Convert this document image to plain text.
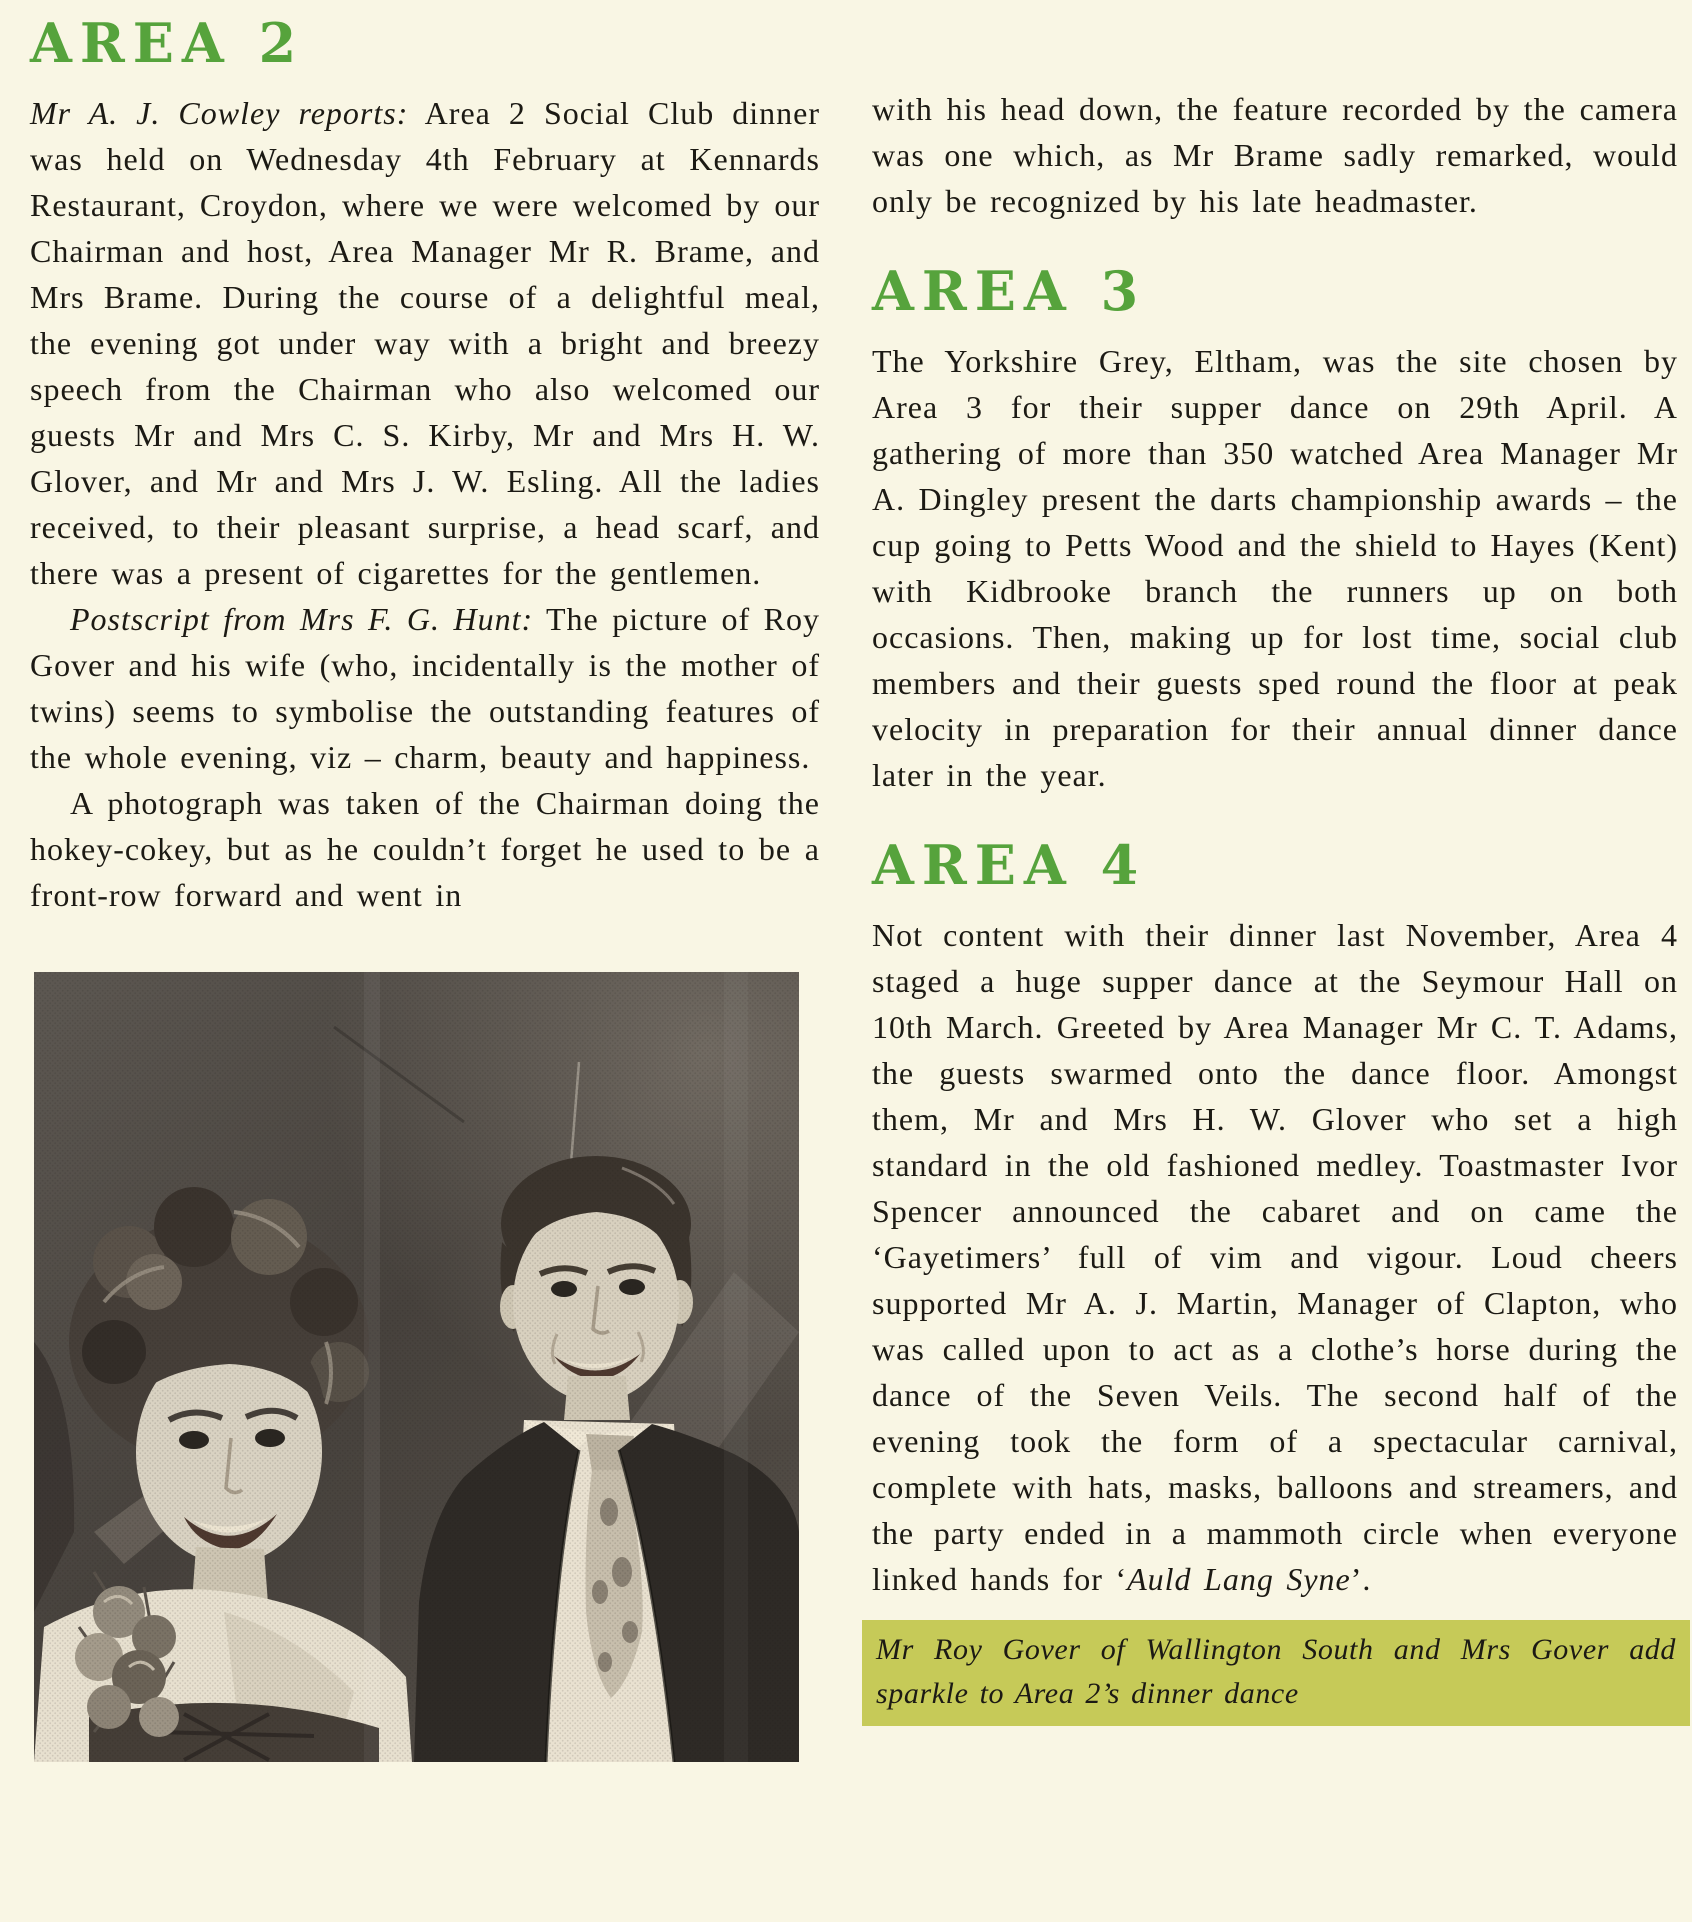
AREA 2

Mr A. J. Cowley reports: Area 2 Social Club dinner was held on Wednesday 4th February at Kennards Restaurant, Croydon, where we were welcomed by our Chairman and host, Area Manager Mr R. Brame, and Mrs Brame. During the course of a delightful meal, the evening got under way with a bright and breezy speech from the Chairman who also welcomed our guests Mr and Mrs C. S. Kirby, Mr and Mrs H. W. Glover, and Mr and Mrs J. W. Esling. All the ladies received, to their pleasant surprise, a head scarf, and there was a present of cigarettes for the gentlemen.

Postscript from Mrs F. G. Hunt: The picture of Roy Gover and his wife (who, incidentally is the mother of twins) seems to symbolise the outstanding features of the whole evening, viz – charm, beauty and happiness.

A photograph was taken of the Chairman doing the hokey-cokey, but as he couldn’t forget he used to be a front-row forward and went in

with his head down, the feature recorded by the camera was one which, as Mr Brame sadly remarked, would only be recognized by his late headmaster.

AREA 3

The Yorkshire Grey, Eltham, was the site chosen by Area 3 for their supper dance on 29th April. A gathering of more than 350 watched Area Manager Mr A. Dingley present the darts championship awards – the cup going to Petts Wood and the shield to Hayes (Kent) with Kidbrooke branch the runners up on both occasions. Then, making up for lost time, social club members and their guests sped round the floor at peak velocity in preparation for their annual dinner dance later in the year.

AREA 4

Not content with their dinner last November, Area 4 staged a huge supper dance at the Seymour Hall on 10th March. Greeted by Area Manager Mr C. T. Adams, the guests swarmed onto the dance floor. Amongst them, Mr and Mrs H. W. Glover who set a high standard in the old fashioned medley. Toastmaster Ivor Spencer announced the cabaret and on came the ‘Gayetimers’ full of vim and vigour. Loud cheers supported Mr A. J. Martin, Manager of Clapton, who was called upon to act as a clothe’s horse during the dance of the Seven Veils. The second half of the evening took the form of a spectacular carnival, complete with hats, masks, balloons and streamers, and the party ended in a mammoth circle when everyone linked hands for ‘Auld Lang Syne’.

Mr Roy Gover of Wallington South and Mrs Gover add sparkle to Area 2’s dinner dance
